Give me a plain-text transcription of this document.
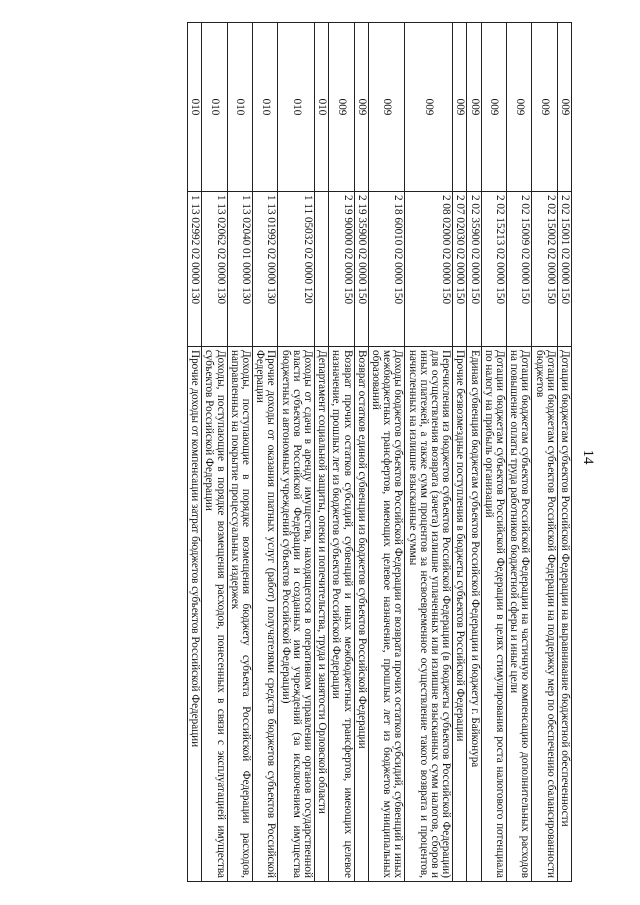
14
009	2 02 15001 02 0000 150	Дотации бюджетам субъектов Российской Федерации на выравнивание бюджетной обеспеченности
009	2 02 15002 02 0000 150	Дотации бюджетам субъектов Российской Федерации на поддержку мер по обеспечению сбалансированности бюджетов
009	2 02 15009 02 0000 150	Дотации бюджетам субъектов Российской Федерации на частичную компенсацию дополнительных расходов на повышение оплаты труда работников бюджетной сферы и иные цели
009	2 02 15213 02 0000 150	Дотации бюджетам субъектов Российской Федерации в целях стимулирования роста налогового потенциала по налогу на прибыль организаций
009	2 02 35900 02 0000 150	Единая субвенция бюджетам субъектов Российской Федерации и бюджету г. Байконура
009	2 07 02030 02 0000 150	Прочие безвозмездные поступления в бюджеты субъектов Российской Федерации
009	2 08 02000 02 0000 150	Перечисления из бюджетов субъектов Российской Федерации (в бюджеты субъектов Российской Федерации) для осуществления возврата (зачета) излишне уплаченных или излишне взысканных сумм налогов, сборов и иных платежей, а также сумм процентов за несвоевременное осуществление такого возврата и процентов, начисленных на излишне взысканные суммы
009	2 18 60010 02 0000 150	Доходы бюджетов субъектов Российской Федерации от возврата прочих остатков субсидий, субвенций и иных межбюджетных трансфертов, имеющих целевое назначение, прошлых лет из бюджетов муниципальных образований
009	2 19 35900 02 0000 150	Возврат остатков единой субвенции из бюджетов субъектов Российской Федерации
009	2 19 90000 02 0000 150	Возврат прочих остатков субсидий, субвенций и иных межбюджетных трансфертов, имеющих целевое назначение, прошлых лет из бюджетов субъектов Российской Федерации
010		Департамент социальной защиты, опеки и попечительства, труда и занятости Орловской области
010	1 11 05032 02 0000 120	Доходы от сдачи в аренду имущества, находящегося в оперативном управлении органов государственной власти субъектов Российской Федерации и созданных ими учреждений (за исключением имущества бюджетных и автономных учреждений субъектов Российской Федерации)
010	1 13 01992 02 0000 130	Прочие доходы от оказания платных услуг (работ) получателями средств бюджетов субъектов Российской Федерации
010	1 13 02040 01 0000 130	Доходы, поступающие в порядке возмещения бюджету субъекта Российской Федерации расходов, направленных на покрытие процессуальных издержек
010	1 13 02062 02 0000 130	Доходы, поступающие в порядке возмещения расходов, понесенных в связи с эксплуатацией имущества субъектов Российской Федерации
010	1 13 02992 02 0000 130	Прочие доходы от компенсации затрат бюджетов субъектов Российской Федерации
